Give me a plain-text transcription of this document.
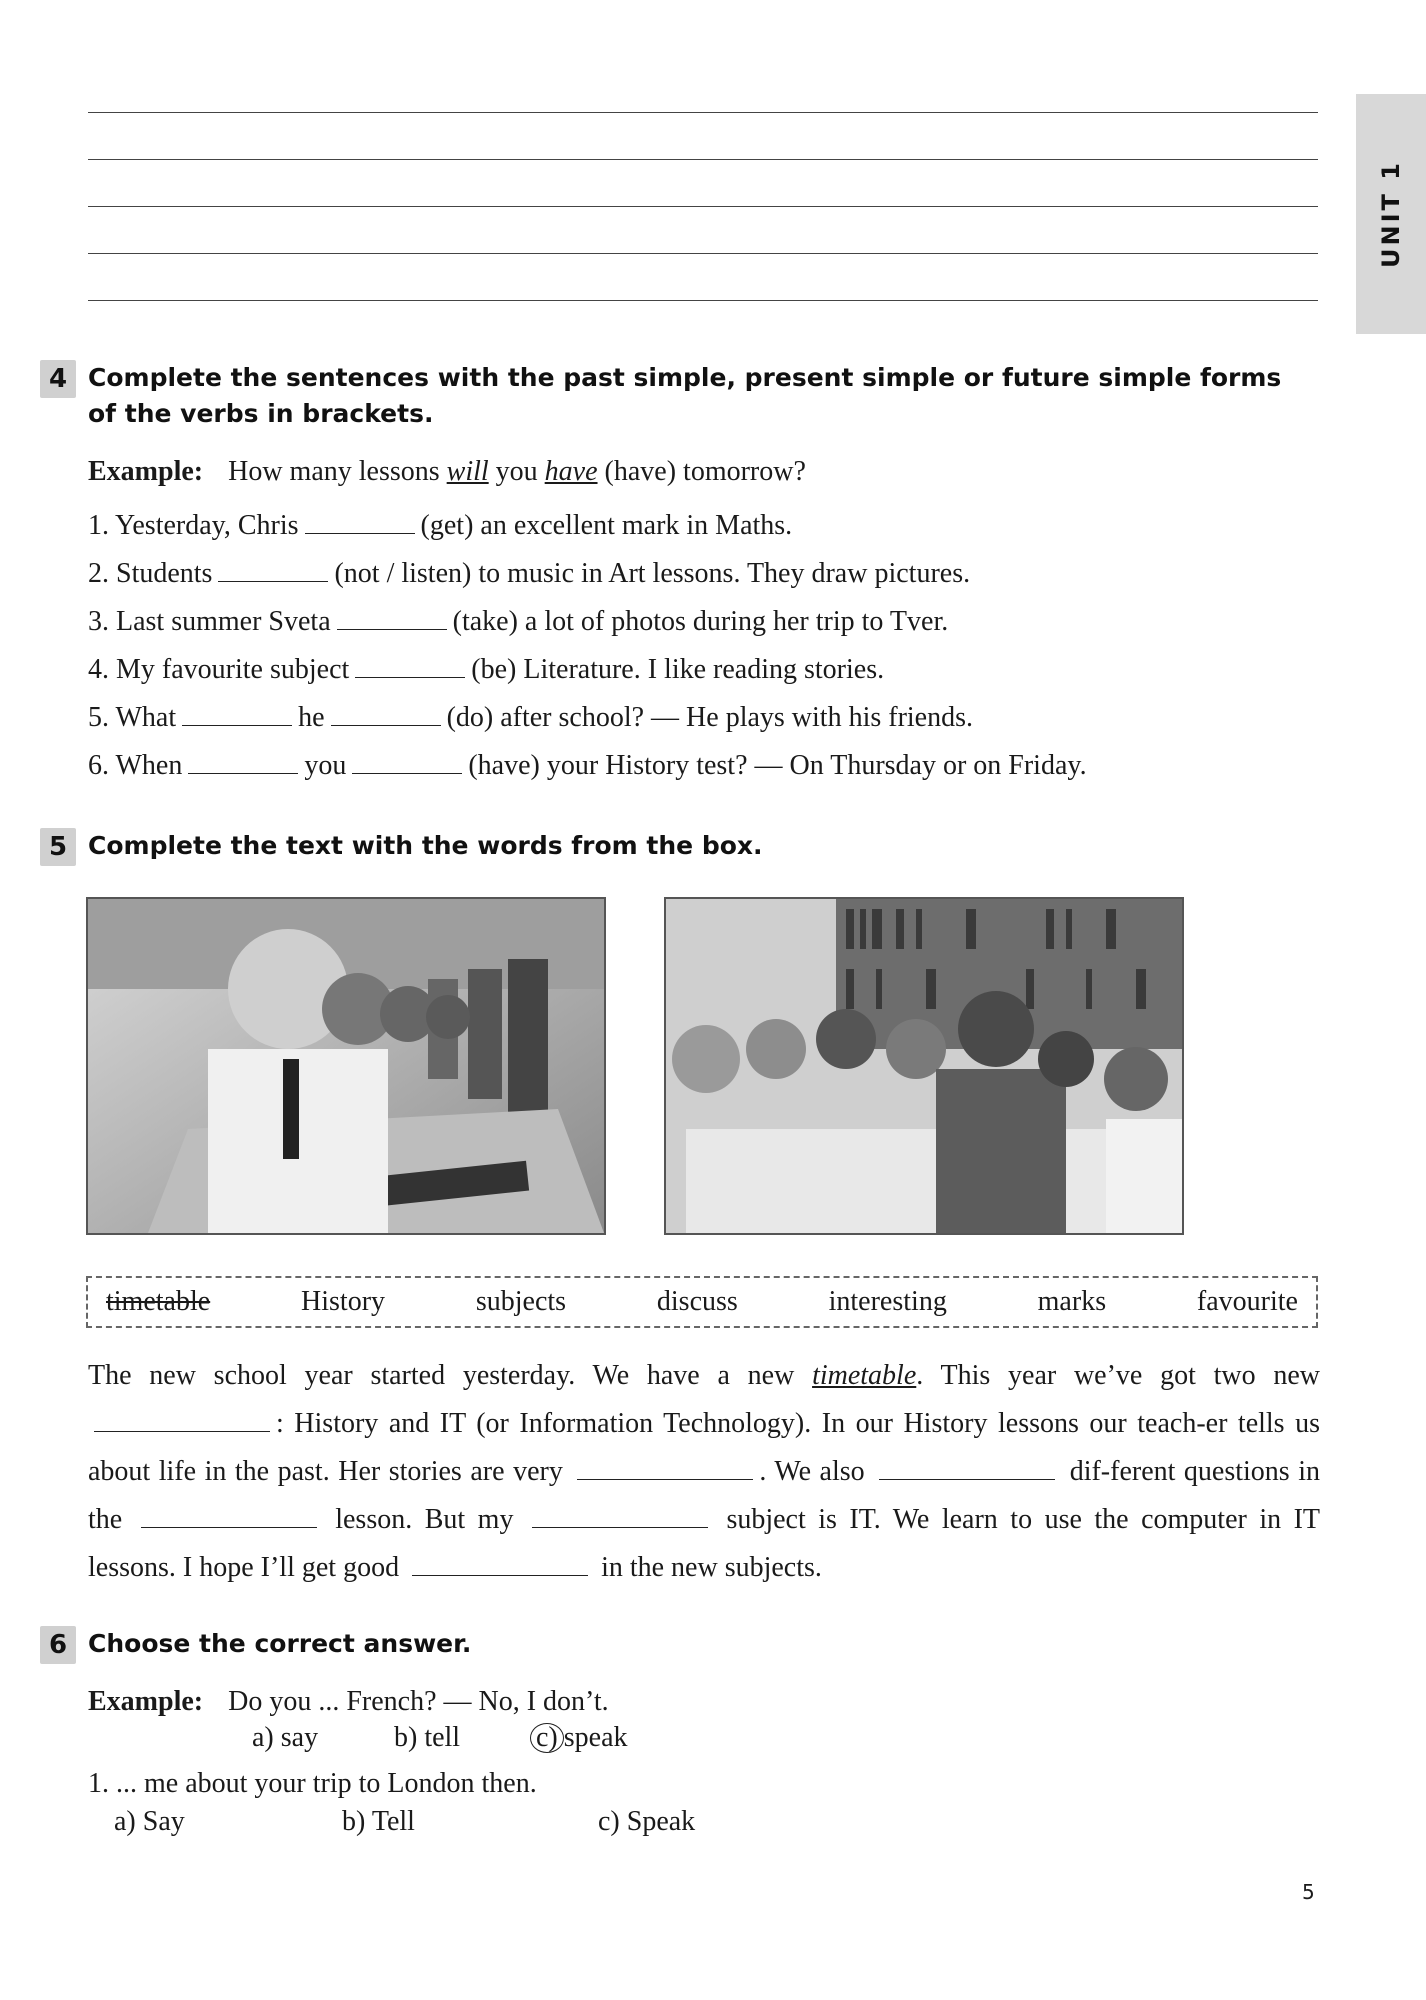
UNIT 1
4 Complete the sentences with the past simple, present simple or future simple forms of the verbs in brackets.
Example: How many lessons will you have (have) tomorrow?
1. Yesterday, Chris	(get) an excellent mark in Maths.
2. Students	(not / listen) to music in Art lessons. They draw pictures.
3. Last summer Sveta	(take) a lot of photos during her trip to Tver.
4. My favourite subject	(be) Literature. I like reading stories.
5. What	he	(do) after school? — He plays with his friends.
6. When	you	(have) your History test? — On Thursday or on Friday.
5 Complete the text with the words from the box.
timetable	History	subjects	discuss	interesting	marks	favourite
The new school year started yesterday. We have a new timetable. This year we’ve got two new : History and IT (or Information Technology). In our History lessons our teach-er tells us about life in the past. Her stories are very	. We also	dif-ferent questions in the	lesson. But my	subject is IT. We learn to use the computer in IT lessons. I hope I’ll get good	in the new subjects.
6 Choose the correct answer.
Example: Do you ... French? — No, I don’t.
a) say	b) tell	c) speak
1. ... me about your trip to London then.
a) Say	b) Tell	c) Speak
5
